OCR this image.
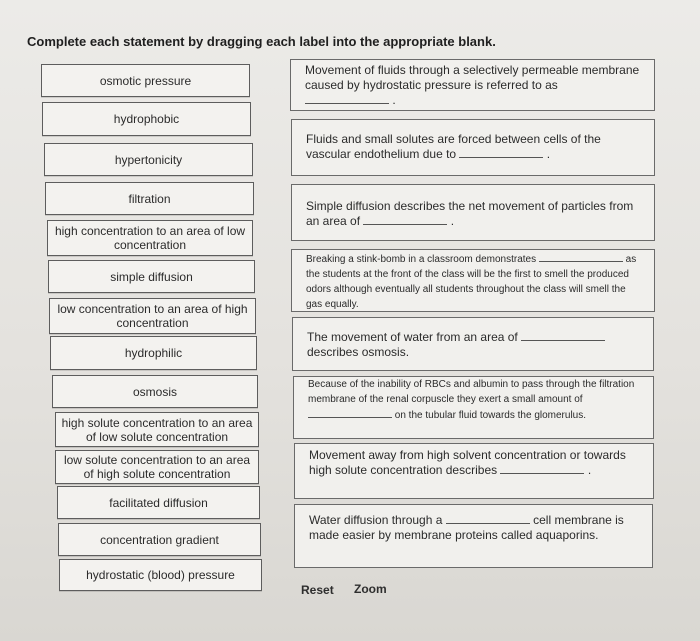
Complete each statement by dragging each label into the appropriate blank.
osmotic pressure
hydrophobic
hypertonicity
filtration
high concentration to an area of low concentration
simple diffusion
low concentration to an area of high concentration
hydrophilic
osmosis
high solute concentration to an area of low solute concentration
low solute concentration to an area of high solute concentration
facilitated diffusion
concentration gradient
hydrostatic (blood) pressure
Movement of fluids through a selectively permeable membrane caused by hydrostatic pressure is referred to as  .
Fluids and small solutes are forced between cells of the vascular endothelium due to	.
Simple diffusion describes the net movement of particles from an area of	.
Breaking a stink-bomb in a classroom demonstrates	as the students at the front of the class will be the first to smell the produced odors although eventually all students throughout the class will smell the gas equally.
The movement of water from an area of  describes osmosis.
Because of the inability of RBCs and albumin to pass through the filtration membrane of the renal corpuscle they exert a small amount of  on the tubular fluid towards the glomerulus.
Movement away from high solvent concentration or towards high solute concentration describes	.
Water diffusion through a	cell membrane is made easier by membrane proteins called aquaporins.
Reset Zoom
